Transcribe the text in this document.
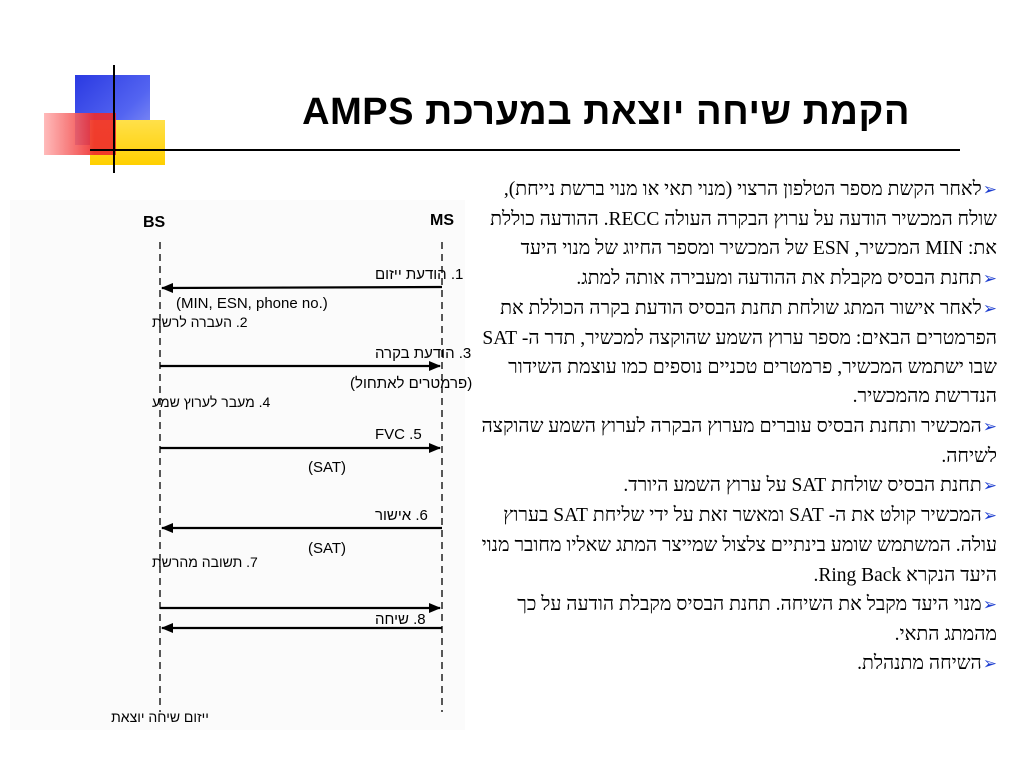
הקמת שיחה יוצאת במערכת AMPS
➢לאחר הקשת מספר הטלפון הרצוי (מנוי תאי או מנוי ברשת נייחת), שולח המכשיר הודעה על ערוץ הבקרה העולה RECC. ההודעה כוללת את: MIN המכשיר, ESN של המכשיר ומספר החיוג של מנוי היעד
➢תחנת הבסיס מקבלת את ההודעה ומעבירה אותה למתג.
➢לאחר אישור המתג שולחת תחנת הבסיס הודעת בקרה הכוללת את הפרמטרים הבאים: מספר ערוץ השמע שהוקצה למכשיר, תדר ה- SAT שבו ישתמש המכשיר, פרמטרים טכניים נוספים כמו עוצמת השידור הנדרשת מהמכשיר.
➢המכשיר ותחנת הבסיס עוברים מערוץ הבקרה לערוץ השמע שהוקצה לשיחה.
➢תחנת הבסיס שולחת SAT על ערוץ השמע היורד.
➢המכשיר קולט את ה- SAT ומאשר זאת על ידי שליחת SAT בערוץ עולה. המשתמש שומע בינתיים צלצול שמייצר המתג שאליו מחובר מנוי היעד הנקרא Ring Back.
➢מנוי היעד מקבל את השיחה. תחנת הבסיס מקבלת הודעה על כך מהמתג התאי.
➢השיחה מתנהלת.
BS	MS
1. הודעת ייזום
(MIN, ESN, phone no.)
3. הודעת בקרה
(פרמטרים לאתחול)
5. FVC
(SAT)
6. אישור
(SAT)
8. שיחה
2. העברה לרשת
4. מעבר לערוץ שמע
7. תשובה מהרשת
ייזום שיחה יוצאת
